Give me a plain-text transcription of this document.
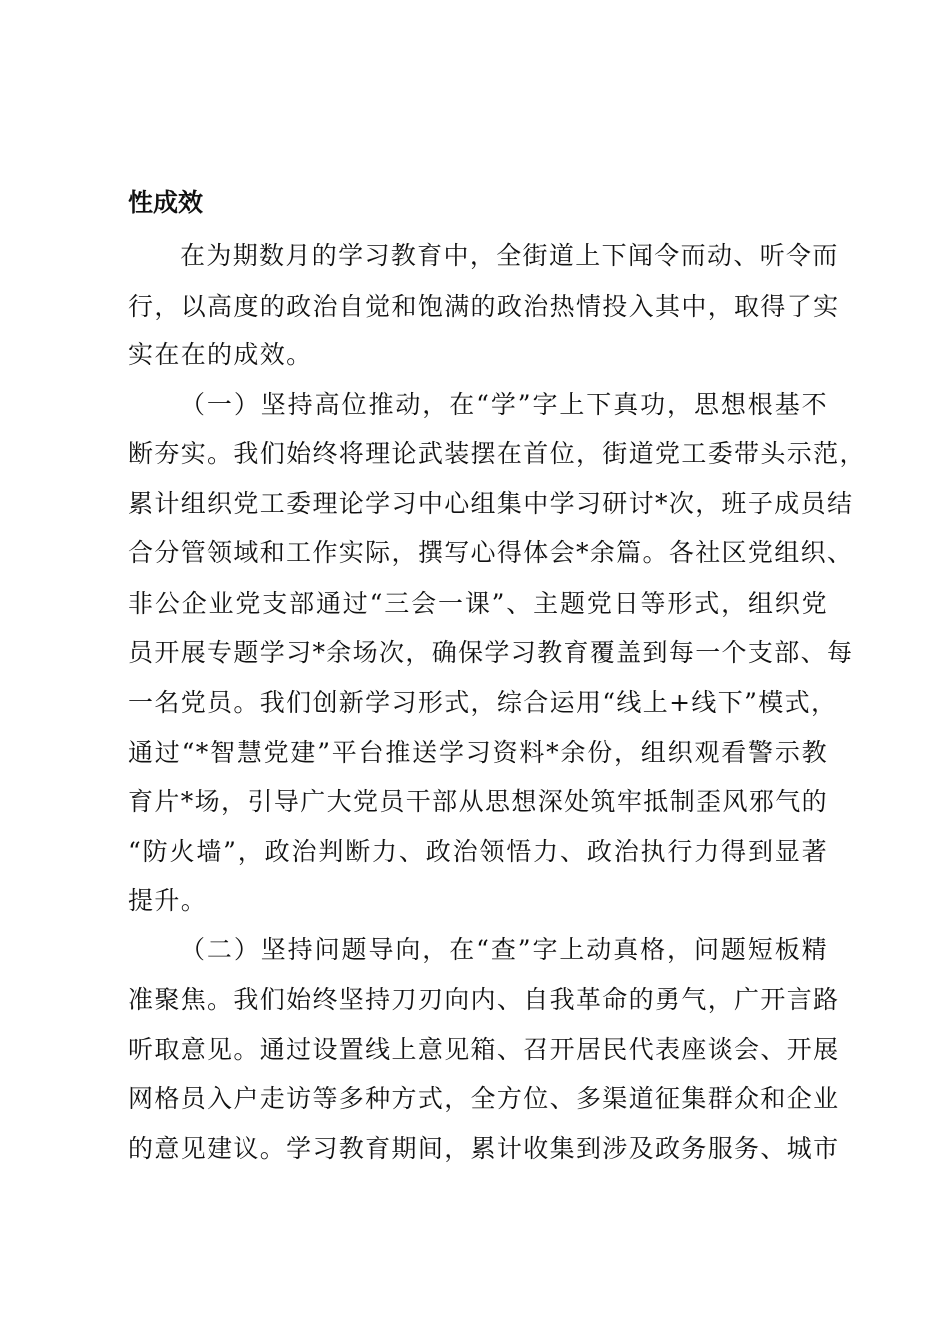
性成效
在为期数月的学习教育中，全街道上下闻令而动、听令而
行，以高度的政治自觉和饱满的政治热情投入其中，取得了实
实在在的成效。
（一）坚持高位推动，在“学”字上下真功，思想根基不
断夯实。我们始终将理论武装摆在首位，街道党工委带头示范，
累计组织党工委理论学习中心组集中学习研讨*次，班子成员结
合分管领域和工作实际，撰写心得体会*余篇。各社区党组织、
非公企业党支部通过“三会一课”、主题党日等形式，组织党
员开展专题学习*余场次，确保学习教育覆盖到每一个支部、每
一名党员。我们创新学习形式，综合运用“线上+线下”模式，
通过“*智慧党建”平台推送学习资料*余份，组织观看警示教
育片*场，引导广大党员干部从思想深处筑牢抵制歪风邪气的
“防火墙”，政治判断力、政治领悟力、政治执行力得到显著
提升。
（二）坚持问题导向，在“查”字上动真格，问题短板精
准聚焦。我们始终坚持刀刃向内、自我革命的勇气，广开言路
听取意见。通过设置线上意见箱、召开居民代表座谈会、开展
网格员入户走访等多种方式，全方位、多渠道征集群众和企业
的意见建议。学习教育期间，累计收集到涉及政务服务、城市
